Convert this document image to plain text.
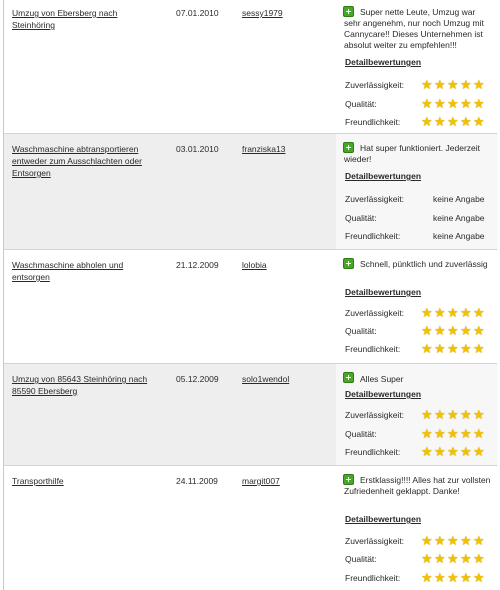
Umzug von Ebersberg nach
Steinhöring
07.01.2010	sessy1979	Super nette Leute, Umzug war sehr angenehm, nur noch Umzug mit Cannycare!! Dieses Unternehmen ist absolut weiter zu empfehlen!!!
Detailbewertungen
Zuverlässigkeit: ★★★★★
Qualität:	★★★★★
Freundlichkeit: ★★★★★
Waschmaschine abtransportieren
entweder zum Ausschlachten oder
Entsorgen
03.01.2010	franziska13	Hat super funktioniert. Jederzeit wieder!
Detailbewertungen
Zuverlässigkeit:	keine Angabe
Qualität:	keine Angabe
Freundlichkeit:	keine Angabe
Waschmaschine abholen und
entsorgen
21.12.2009	lolobia	Schnell, pünktlich und zuverlässig
Detailbewertungen
Zuverlässigkeit: ★★★★★
Qualität:	★★★★★
Freundlichkeit: ★★★★★
Umzug von 85643 Steinhöring nach
85590 Ebersberg
05.12.2009	solo1wendol	Alles Super
Detailbewertungen
Zuverlässigkeit: ★★★★★
Qualität:	★★★★★
Freundlichkeit: ★★★★★
Transporthilfe	24.11.2009	margit007	Erstklassig!!!! Alles hat zur vollsten Zufriedenheit geklappt. Danke!
Detailbewertungen
Zuverlässigkeit: ★★★★★
Qualität:	★★★★★
Freundlichkeit: ★★★★★
